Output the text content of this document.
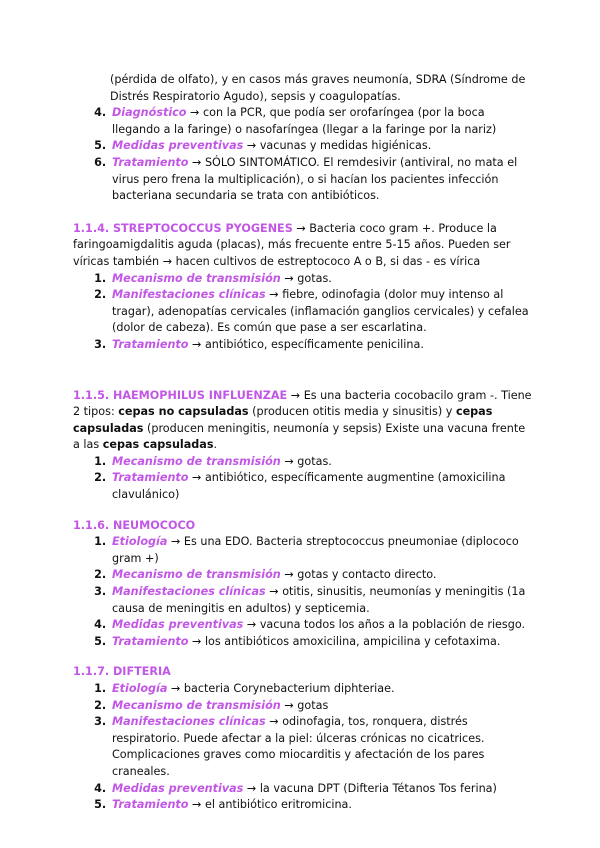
(pérdida de olfato), y en casos más graves neumonía, SDRA (Síndrome de Distrés Respiratorio Agudo), sepsis y coagulopatías.

4. Diagnóstico → con la PCR, que podía ser orofaríngea (por la boca llegando a la faringe) o nasofaríngea (llegar a la faringe por la nariz)
5. Medidas preventivas → vacunas y medidas higiénicas.
6. Tratamiento → SÓLO SINTOMÁTICO. El remdesivir (antiviral, no mata el virus pero frena la multiplicación), o si hacían los pacientes infección bacteriana secundaria se trata con antibióticos.

1.1.4. STREPTOCOCCUS PYOGENES → Bacteria coco gram +. Produce la faringoamigdalitis aguda (placas), más frecuente entre 5-15 años. Pueden ser víricas también → hacen cultivos de estreptococo A o B, si das - es vírica

1. Mecanismo de transmisión → gotas.
2. Manifestaciones clínicas → fiebre, odinofagia (dolor muy intenso al tragar), adenopatías cervicales (inflamación ganglios cervicales) y cefalea (dolor de cabeza). Es común que pase a ser escarlatina.
3. Tratamiento → antibiótico, específicamente penicilina.

1.1.5. HAEMOPHILUS INFLUENZAE → Es una bacteria cocobacilo gram -. Tiene 2 tipos: cepas no capsuladas (producen otitis media y sinusitis) y cepas capsuladas (producen meningitis, neumonía y sepsis) Existe una vacuna frente a las cepas capsuladas.

1. Mecanismo de transmisión → gotas.
2. Tratamiento → antibiótico, específicamente augmentine (amoxicilina clavulánico)

1.1.6. NEUMOCOCO

1. Etiología → Es una EDO. Bacteria streptococcus pneumoniae (diplococo gram +)
2. Mecanismo de transmisión → gotas y contacto directo.
3. Manifestaciones clínicas → otitis, sinusitis, neumonías y meningitis (1a causa de meningitis en adultos) y septicemia.
4. Medidas preventivas → vacuna todos los años a la población de riesgo.
5. Tratamiento → los antibióticos amoxicilina, ampicilina y cefotaxima.

1.1.7. DIFTERIA

1. Etiología → bacteria Corynebacterium diphteriae.
2. Mecanismo de transmisión → gotas
3. Manifestaciones clínicas → odinofagia, tos, ronquera, distrés respiratorio. Puede afectar a la piel: úlceras crónicas no cicatrices. Complicaciones graves como miocarditis y afectación de los pares craneales.
4. Medidas preventivas → la vacuna DPT (Difteria Tétanos Tos ferina)
5. Tratamiento → el antibiótico eritromicina.
